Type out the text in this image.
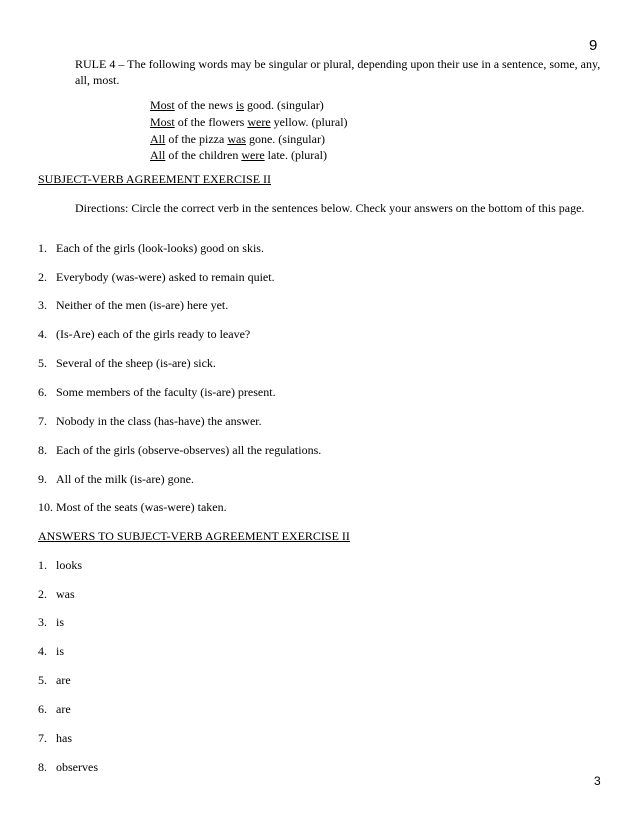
9
RULE 4 – The following words may be singular or plural, depending upon their use in a sentence, some, any, all, most.
Most of the news is good. (singular)
Most of the flowers were yellow. (plural)
All of the pizza was gone. (singular)
All of the children were late. (plural)
SUBJECT-VERB AGREEMENT EXERCISE II
Directions: Circle the correct verb in the sentences below. Check your answers on the bottom of this page.
1. Each of the girls (look-looks) good on skis.
2. Everybody (was-were) asked to remain quiet.
3. Neither of the men (is-are) here yet.
4. (Is-Are) each of the girls ready to leave?
5. Several of the sheep (is-are) sick.
6. Some members of the faculty (is-are) present.
7. Nobody in the class (has-have) the answer.
8. Each of the girls (observe-observes) all the regulations.
9. All of the milk (is-are) gone.
10. Most of the seats (was-were) taken.
ANSWERS TO SUBJECT-VERB AGREEMENT EXERCISE II
1. looks
2. was
3. is
4. is
5. are
6. are
7. has
8. observes
3
